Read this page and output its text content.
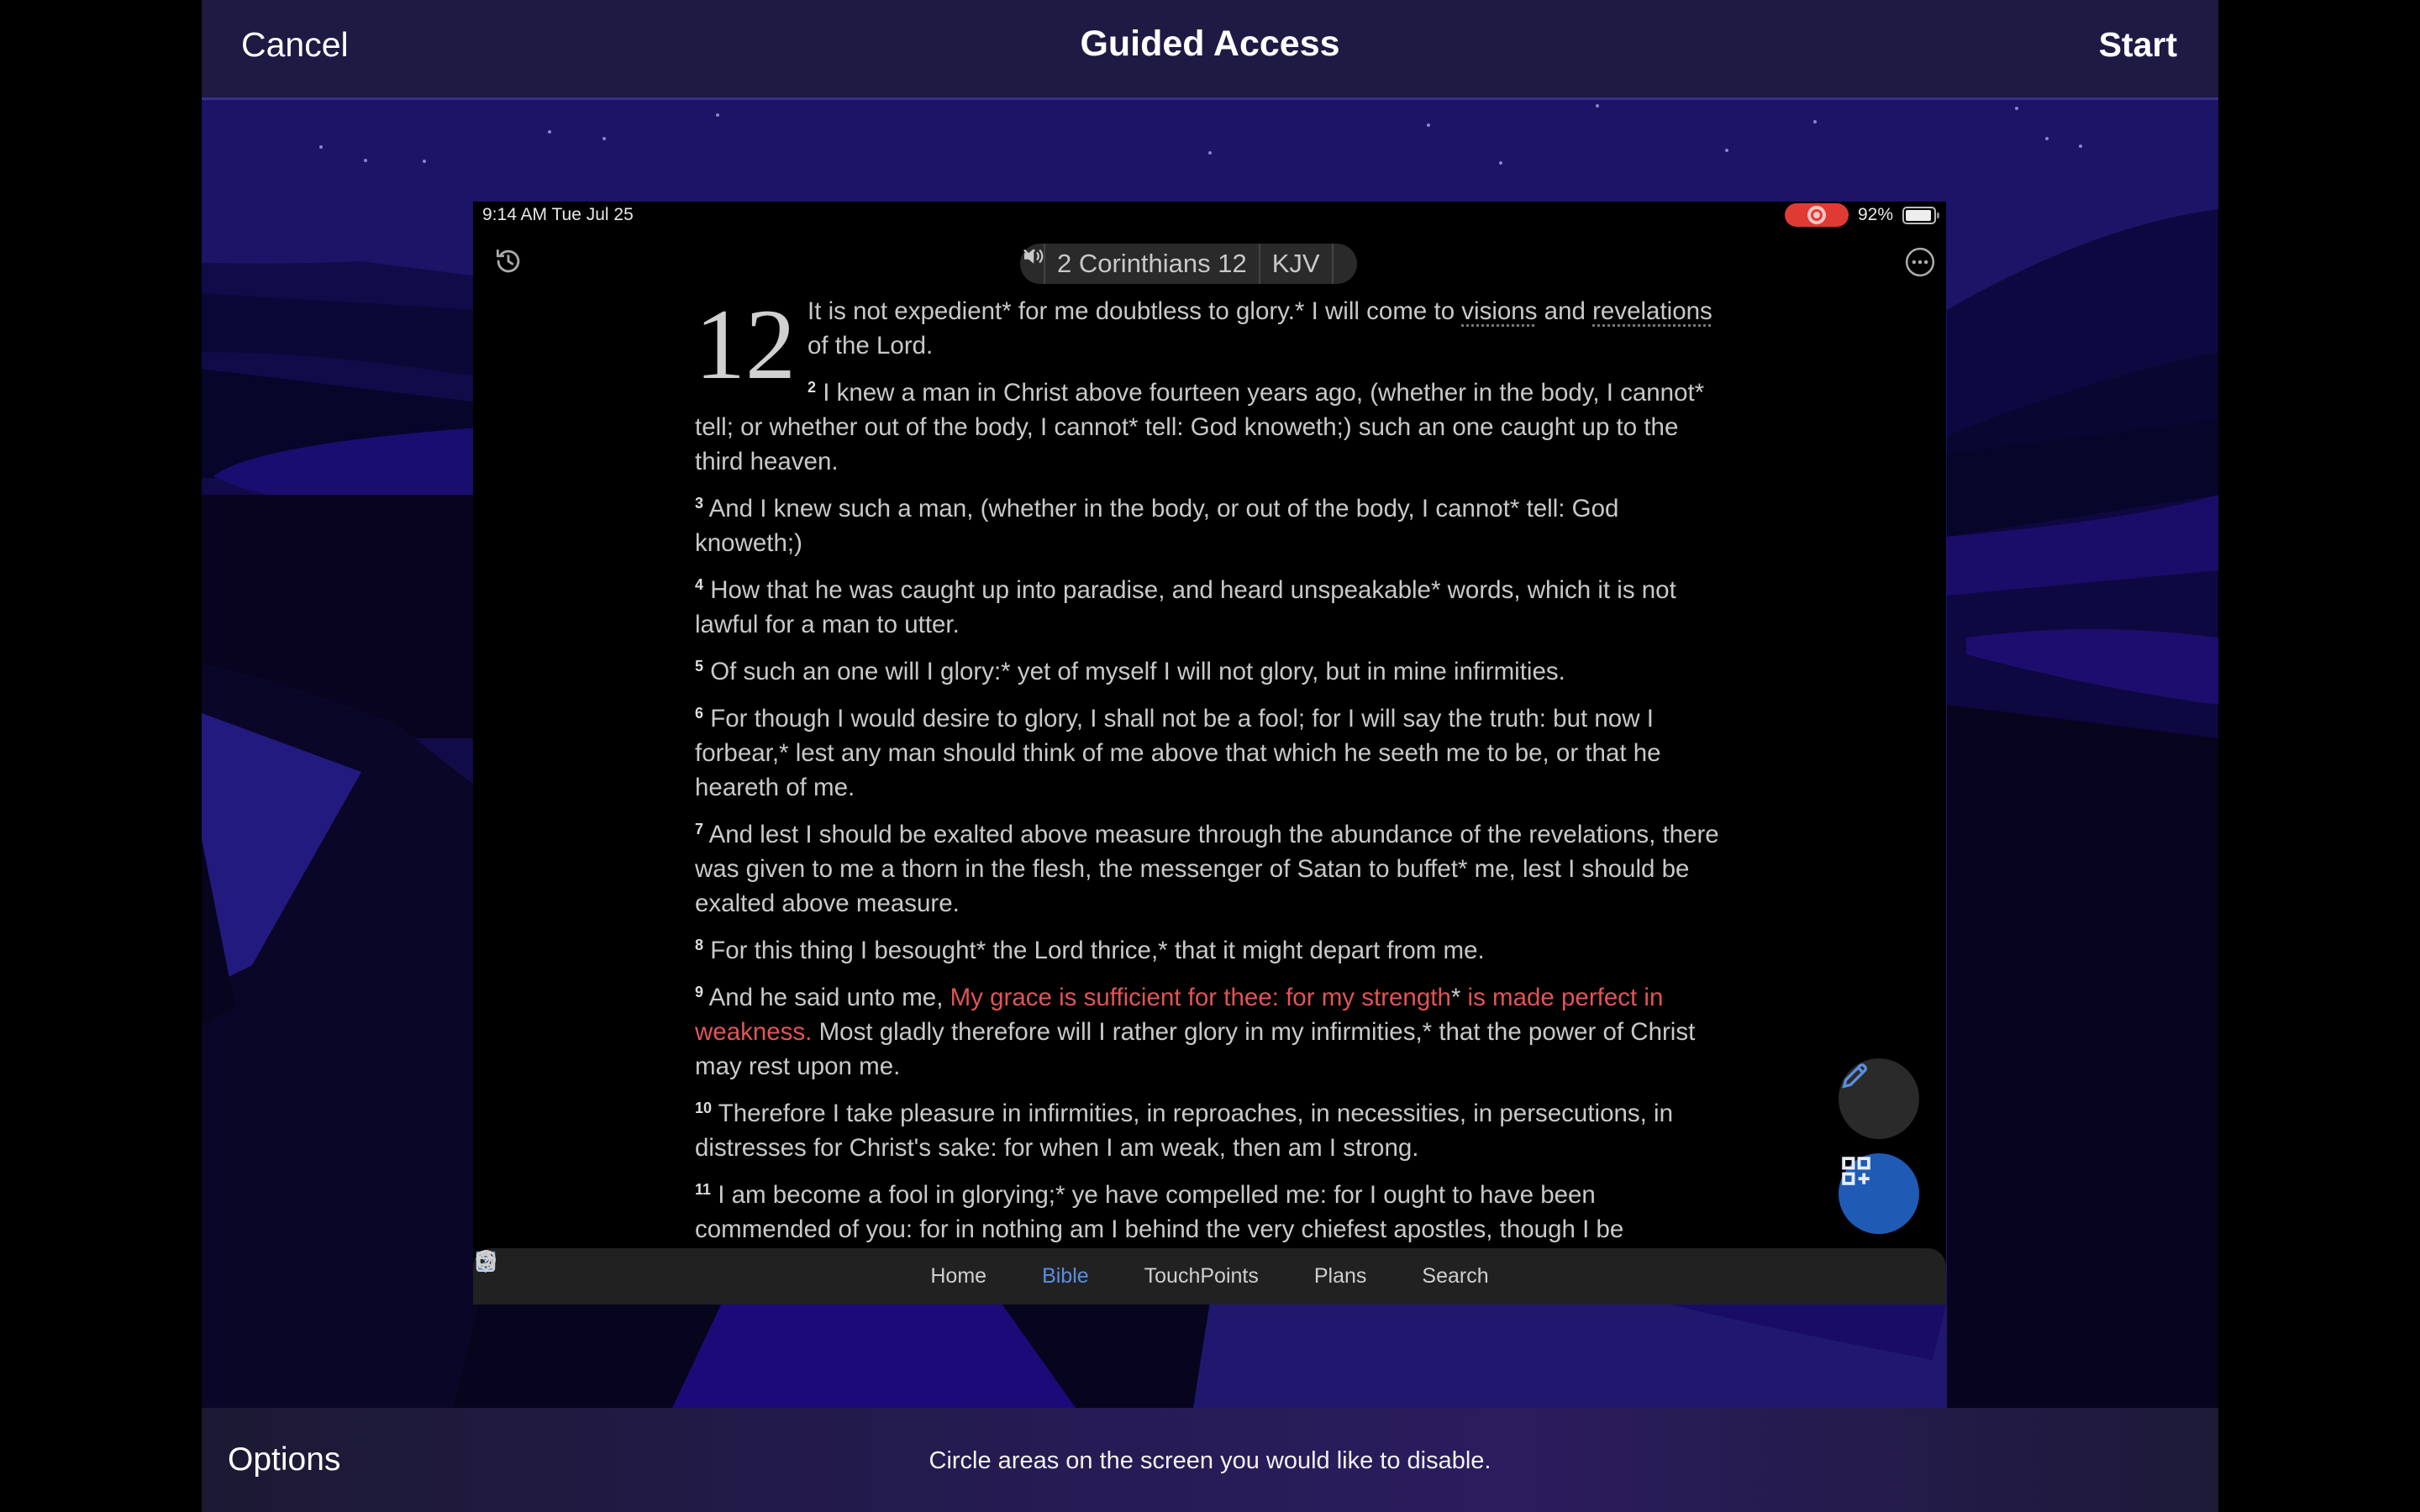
Cancel	Guided Access	Start
9:14 AM Tue Jul 25	92%
2 Corinthians 12 KJV

12 It is not expedient* for me doubtless to glory.* I will come to visions and revelations of the Lord.

$^2$ I knew a man in Christ above fourteen years ago, (whether in the body, I cannot* tell; or whether out of the body, I cannot* tell: God knoweth;) such an one caught up to the third heaven.

$^3$ And I knew such a man, (whether in the body, or out of the body, I cannot* tell: God knoweth;)

$^4$ How that he was caught up into paradise, and heard unspeakable* words, which it is not lawful for a man to utter.

$^5$ Of such an one will I glory:* yet of myself I will not glory, but in mine infirmities.

$^6$ For though I would desire to glory, I shall not be a fool; for I will say the truth: but now I forbear,* lest any man should think of me above that which he seeth me to be, or that he heareth of me.

$^7$ And lest I should be exalted above measure through the abundance of the revelations, there was given to me a thorn in the flesh, the messenger of Satan to buffet* me, lest I should be exalted above measure.

$^8$ For this thing I besought* the Lord thrice,* that it might depart from me.

$^9$ And he said unto me, My grace is sufficient for thee: for my strength* is made perfect in weakness. Most gladly therefore will I rather glory in my infirmities,* that the power of Christ may rest upon me.

$^{10}$ Therefore I take pleasure in infirmities, in reproaches, in necessities, in persecutions, in distresses for Christ's sake: for when I am weak, then am I strong.

$^{11}$ I am become a fool in glorying;* ye have compelled me: for I ought to have been commended of you: for in nothing am I behind the very chiefest apostles, though I be

Home	Bible	TouchPoints	Plans	Search
Options	Circle areas on the screen you would like to disable.
